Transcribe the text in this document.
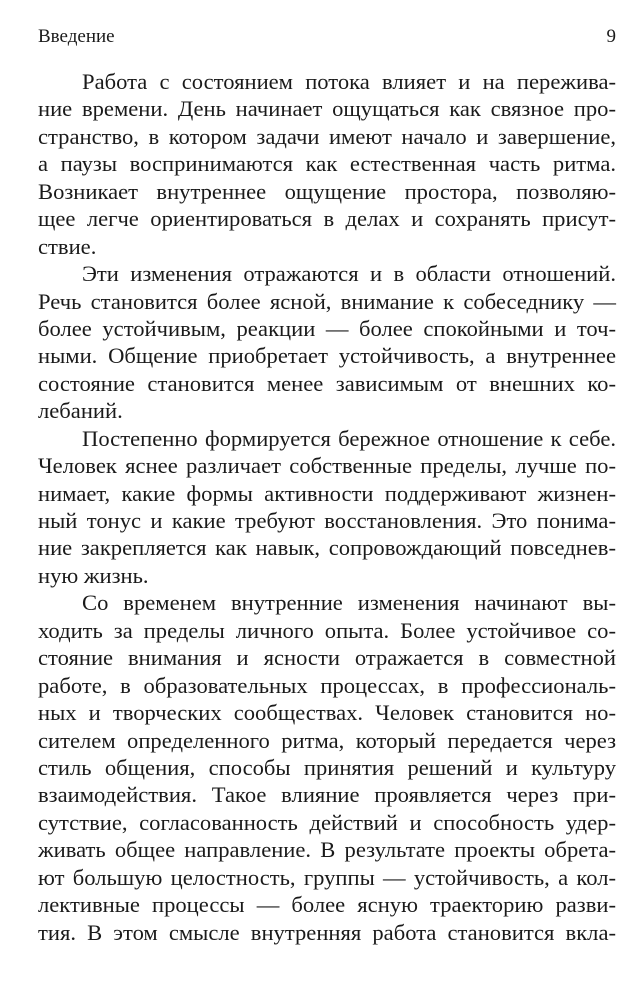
Введение	9
Работа с состоянием потока влияет и на пережива-
ние времени. День начинает ощущаться как связное про-
странство, в котором задачи имеют начало и завершение,
а паузы воспринимаются как естественная часть ритма.
Возникает внутреннее ощущение простора, позволяю-
щее легче ориентироваться в делах и сохранять присут-
ствие.
Эти изменения отражаются и в области отношений.
Речь становится более ясной, внимание к собеседнику —
более устойчивым, реакции — более спокойными и точ-
ными. Общение приобретает устойчивость, а внутреннее
состояние становится менее зависимым от внешних ко-
лебаний.
Постепенно формируется бережное отношение к себе.
Человек яснее различает собственные пределы, лучше по-
нимает, какие формы активности поддерживают жизнен-
ный тонус и какие требуют восстановления. Это понима-
ние закрепляется как навык, сопровождающий повседнев-
ную жизнь.
Со временем внутренние изменения начинают вы-
ходить за пределы личного опыта. Более устойчивое со-
стояние внимания и ясности отражается в совместной
работе, в образовательных процессах, в профессиональ-
ных и творческих сообществах. Человек становится но-
сителем определенного ритма, который передается через
стиль общения, способы принятия решений и культуру
взаимодействия. Такое влияние проявляется через при-
сутствие, согласованность действий и способность удер-
живать общее направление. В результате проекты обрета-
ют большую целостность, группы — устойчивость, а кол-
лективные процессы — более ясную траекторию разви-
тия. В этом смысле внутренняя работа становится вкла-
